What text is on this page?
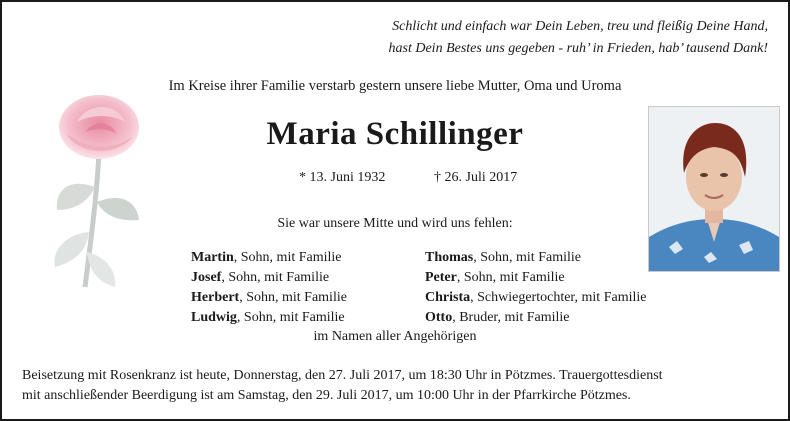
Schlicht und einfach war Dein Leben, treu und fleißig Deine Hand,
hast Dein Bestes uns gegeben - ruh’ in Frieden, hab’ tausend Dank!
Im Kreise ihrer Familie verstarb gestern unsere liebe Mutter, Oma und Uroma
Maria Schillinger
* 13. Juni 1932	† 26. Juli 2017
Sie war unsere Mitte und wird uns fehlen:
Martin, Sohn, mit Familie
Josef, Sohn, mit Familie
Herbert, Sohn, mit Familie
Ludwig, Sohn, mit Familie
Thomas, Sohn, mit Familie
Peter, Sohn, mit Familie
Christa, Schwiegertochter, mit Familie
Otto, Bruder, mit Familie
im Namen aller Angehörigen
Beisetzung mit Rosenkranz ist heute, Donnerstag, den 27. Juli 2017, um 18:30 Uhr in Pötzmes. Trauergottesdienst
mit anschließender Beerdigung ist am Samstag, den 29. Juli 2017, um 10:00 Uhr in der Pfarrkirche Pötzmes.
